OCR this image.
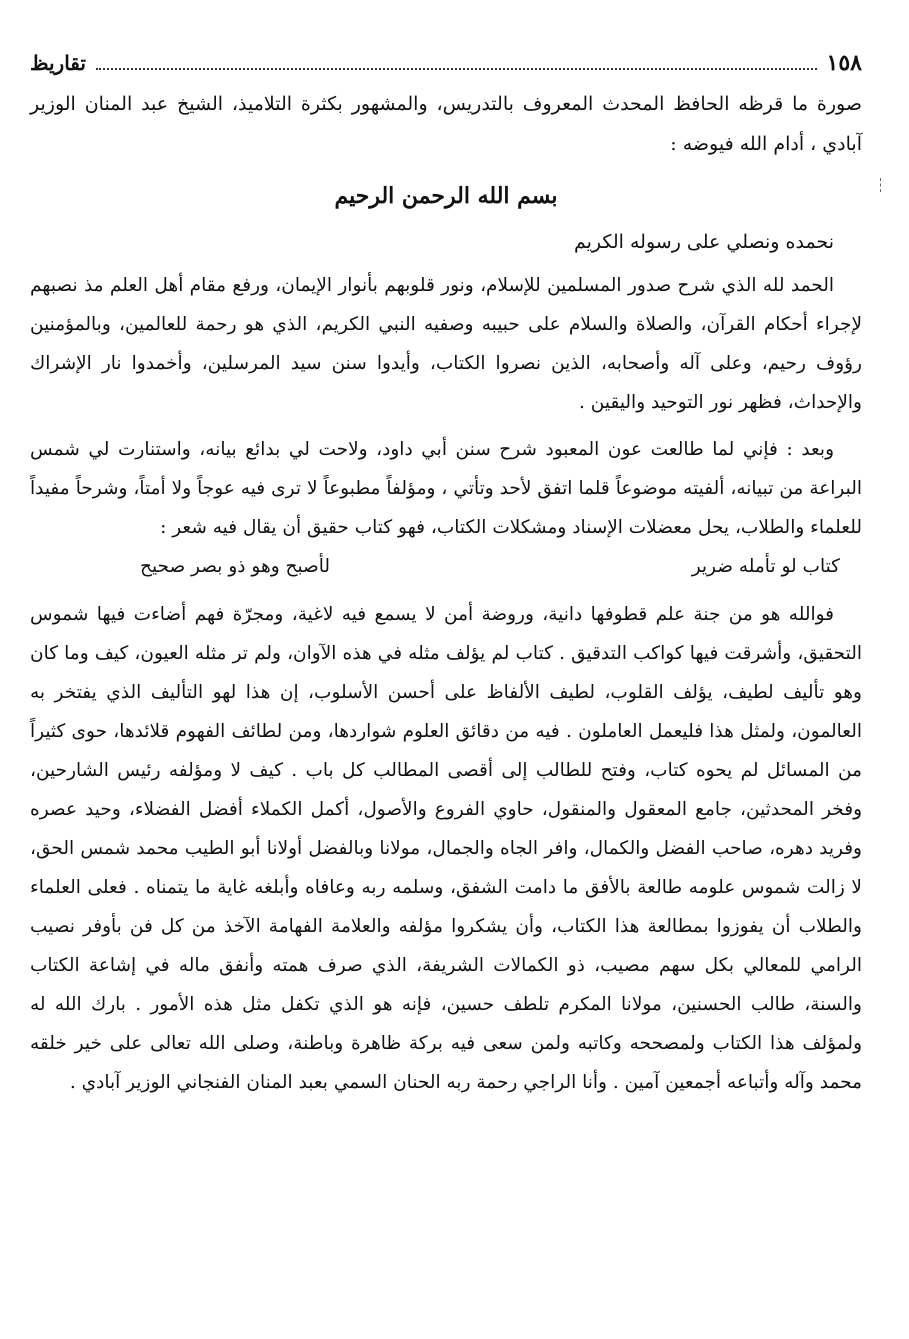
١٥٨
تقاريظ

صورة ما قرظه الحافظ المحدث المعروف بالتدريس، والمشهور بكثرة التلاميذ، الشيخ عبد المنان الوزير آبادي ، أدام الله فيوضه :

بسم الله الرحمن الرحيم

نحمده ونصلي على رسوله الكريم

الحمد لله الذي شرح صدور المسلمين للإسلام، ونور قلوبهم بأنوار الإيمان، ورفع مقام أهل العلم مذ نصبهم لإجراء أحكام القرآن، والصلاة والسلام على حبيبه وصفيه النبي الكريم، الذي هو رحمة للعالمين، وبالمؤمنين رؤوف رحيم، وعلى آله وأصحابه، الذين نصروا الكتاب، وأيدوا سنن سيد المرسلين، وأخمدوا نار الإشراك والإحداث، فظهر نور التوحيد واليقين .

وبعد : فإني لما طالعت عون المعبود شرح سنن أبي داود، ولاحت لي بدائع بيانه، واستنارت لي شمس البراعة من تبيانه، ألفيته موضوعاً قلما اتفق لأحد وتأتي ، ومؤلفاً مطبوعاً لا ترى فيه عوجاً ولا أمتاً، وشرحاً مفيداً للعلماء والطلاب، يحل معضلات الإسناد ومشكلات الكتاب، فهو كتاب حقيق أن يقال فيه شعر :

كتاب لو تأمله ضرير
لأصبح وهو ذو بصر صحيح

فوالله هو من جنة علم قطوفها دانية، وروضة أمن لا يسمع فيه لاغية، ومجرّة فهم أضاءت فيها شموس التحقيق، وأشرقت فيها كواكب التدقيق . كتاب لم يؤلف مثله في هذه الآوان، ولم تر مثله العيون، كيف وما كان وهو تأليف لطيف، يؤلف القلوب، لطيف الألفاظ على أحسن الأسلوب، إن هذا لهو التأليف الذي يفتخر به العالمون، ولمثل هذا فليعمل العاملون . فيه من دقائق العلوم شواردها، ومن لطائف الفهوم قلائدها، حوى كثيراً من المسائل لم يحوه كتاب، وفتح للطالب إلى أقصى المطالب كل باب . كيف لا ومؤلفه رئيس الشارحين، وفخر المحدثين، جامع المعقول والمنقول، حاوي الفروع والأصول، أكمل الكملاء أفضل الفضلاء، وحيد عصره وفريد دهره، صاحب الفضل والكمال، وافر الجاه والجمال، مولانا وبالفضل أولانا أبو الطيب محمد شمس الحق، لا زالت شموس علومه طالعة بالأفق ما دامت الشفق، وسلمه ربه وعافاه وأبلغه غاية ما يتمناه . فعلى العلماء والطلاب أن يفوزوا بمطالعة هذا الكتاب، وأن يشكروا مؤلفه والعلامة الفهامة الآخذ من كل فن بأوفر نصيب الرامي للمعالي بكل سهم مصيب، ذو الكمالات الشريفة، الذي صرف همته وأنفق ماله في إشاعة الكتاب والسنة، طالب الحسنين، مولانا المكرم تلطف حسين، فإنه هو الذي تكفل مثل هذه الأمور . بارك الله له ولمؤلف هذا الكتاب ولمصححه وكاتبه ولمن سعى فيه بركة ظاهرة وباطنة، وصلى الله تعالى على خير خلقه محمد وآله وأتباعه أجمعين آمين . وأنا الراجي رحمة ربه الحنان السمي بعبد المنان الفنجاني الوزير آبادي .
